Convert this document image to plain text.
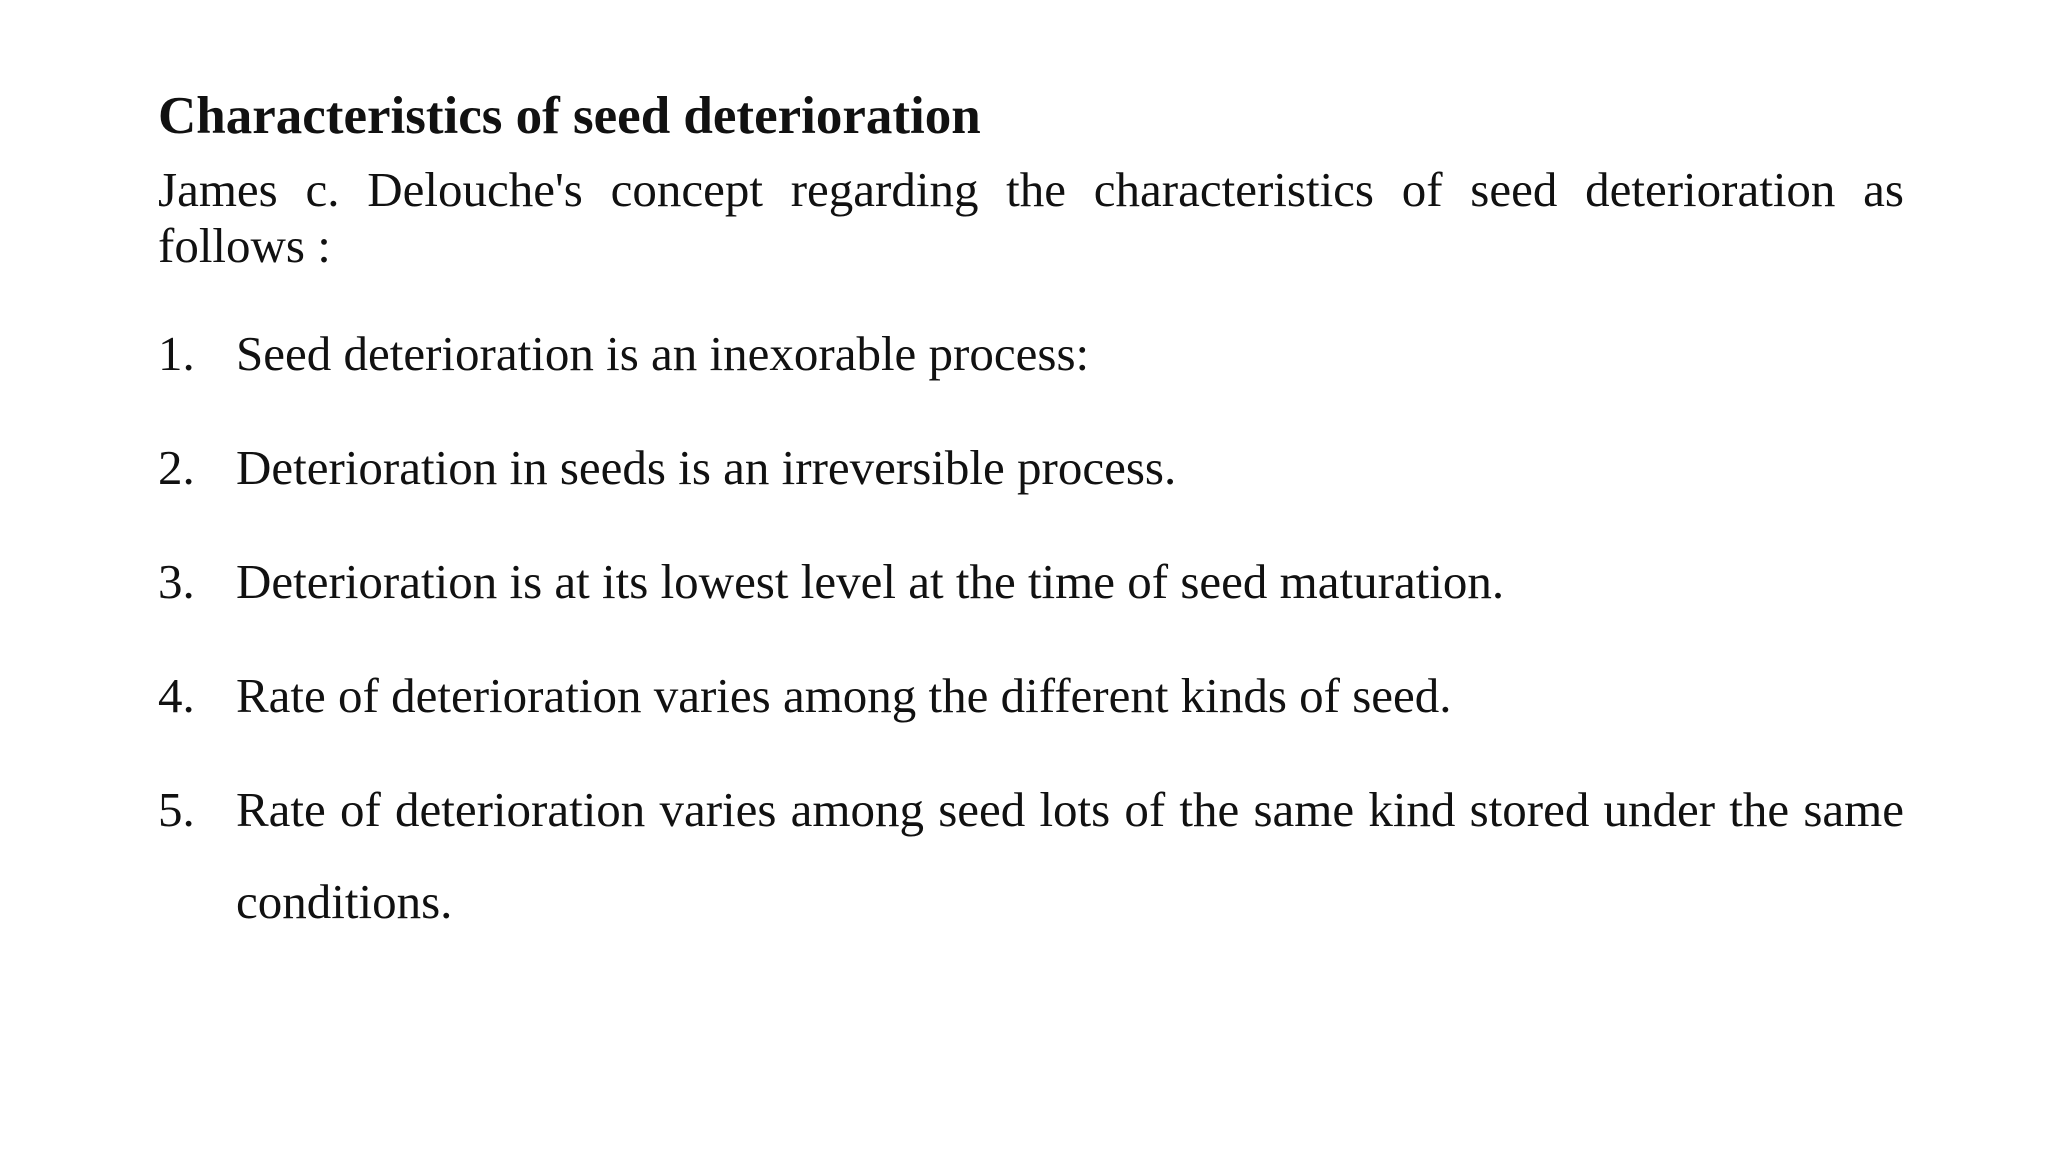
Characteristics of seed deterioration

James c. Delouche's concept regarding the characteristics of seed deterioration as follows :

1. Seed deterioration is an inexorable process:
2. Deterioration in seeds is an irreversible process.
3. Deterioration is at its lowest level at the time of seed maturation.
4. Rate of deterioration varies among the different kinds of seed.
5. Rate of deterioration varies among seed lots of the same kind stored under the same conditions.
